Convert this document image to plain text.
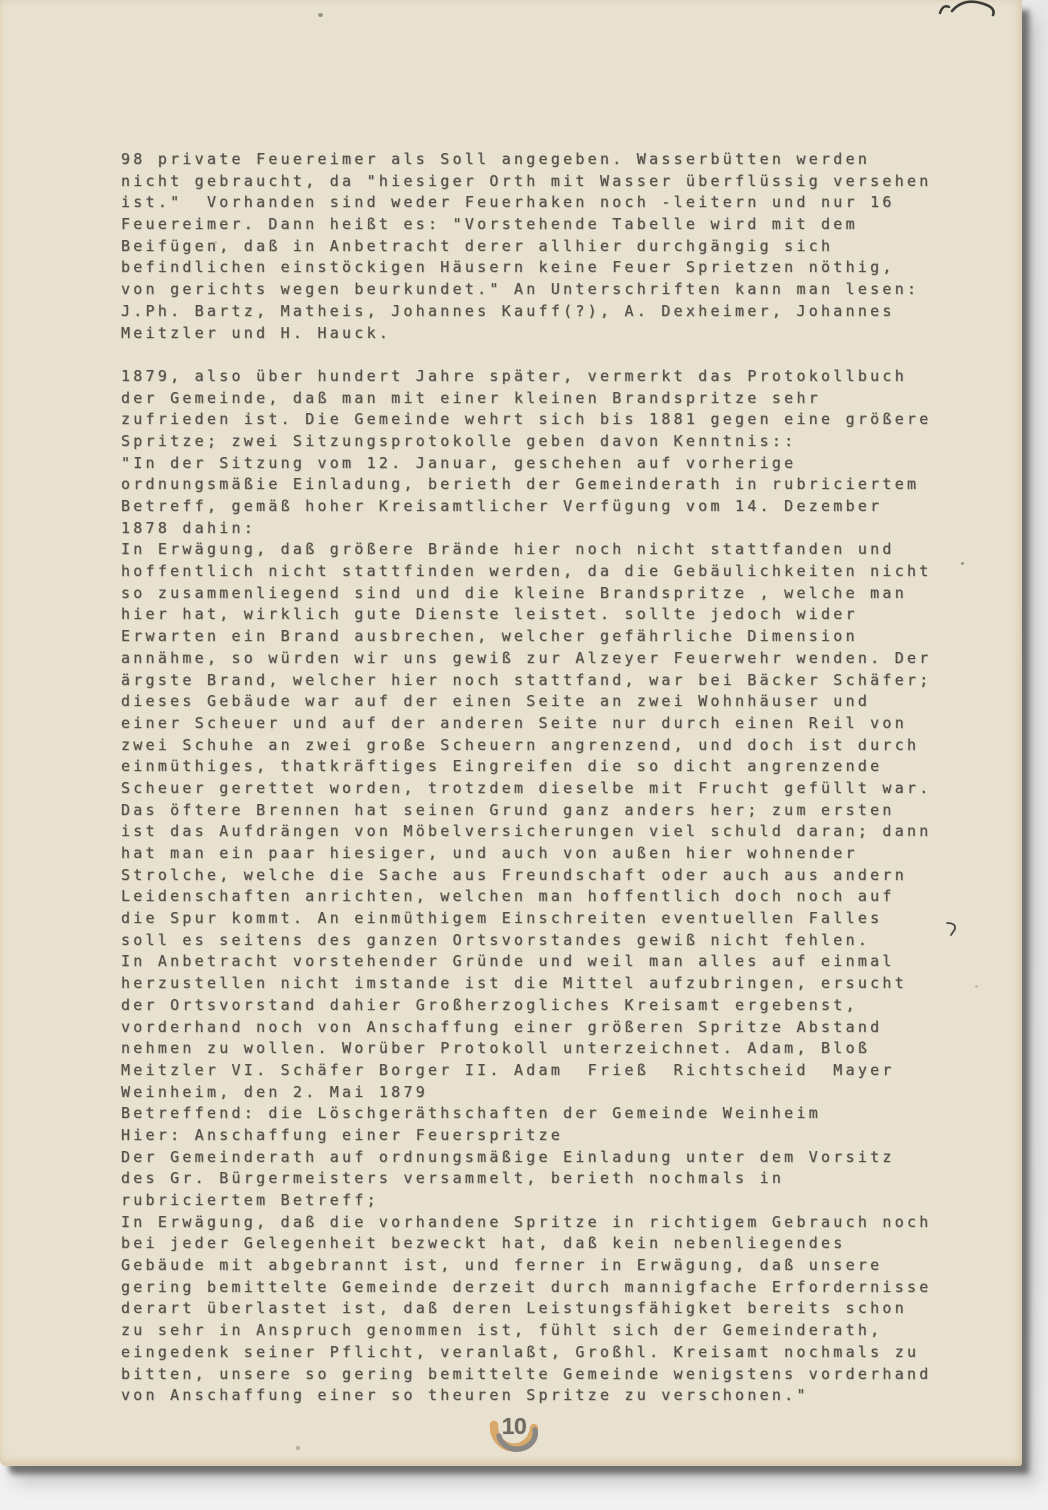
98 private Feuereimer als Soll angegeben. Wasserbütten werden
nicht gebraucht, da "hiesiger Orth mit Wasser überflüssig versehen
ist."  Vorhanden sind weder Feuerhaken noch -leitern und nur 16
Feuereimer. Dann heißt es: "Vorstehende Tabelle wird mit dem
Beifügen, daß in Anbetracht derer allhier durchgängig sich
befindlichen einstöckigen Häusern keine Feuer Sprietzen nöthig,
von gerichts wegen beurkundet." An Unterschriften kann man lesen:
J.Ph. Bartz, Matheis, Johannes Kauff(?), A. Dexheimer, Johannes
Meitzler und H. Hauck.
1879, also über hundert Jahre später, vermerkt das Protokollbuch
der Gemeinde, daß man mit einer kleinen Brandspritze sehr
zufrieden ist. Die Gemeinde wehrt sich bis 1881 gegen eine größere
Spritze; zwei Sitzungsprotokolle geben davon Kenntnis::
"In der Sitzung vom 12. Januar, geschehen auf vorherige
ordnungsmäßie Einladung, berieth der Gemeinderath in rubriciertem
Betreff, gemäß hoher Kreisamtlicher Verfügung vom 14. Dezember
1878 dahin:
In Erwägung, daß größere Brände hier noch nicht stattfanden und
hoffentlich nicht stattfinden werden, da die Gebäulichkeiten nicht
so zusammenliegend sind und die kleine Brandspritze , welche man
hier hat, wirklich gute Dienste leistet. sollte jedoch wider
Erwarten ein Brand ausbrechen, welcher gefährliche Dimension
annähme, so würden wir uns gewiß zur Alzeyer Feuerwehr wenden. Der
ärgste Brand, welcher hier noch stattfand, war bei Bäcker Schäfer;
dieses Gebäude war auf der einen Seite an zwei Wohnhäuser und
einer Scheuer und auf der anderen Seite nur durch einen Reil von
zwei Schuhe an zwei große Scheuern angrenzend, und doch ist durch
einmüthiges, thatkräftiges Eingreifen die so dicht angrenzende
Scheuer gerettet worden, trotzdem dieselbe mit Frucht gefüllt war.
Das öftere Brennen hat seinen Grund ganz anders her; zum ersten
ist das Aufdrängen von Möbelversicherungen viel schuld daran; dann
hat man ein paar hiesiger, und auch von außen hier wohnender
Strolche, welche die Sache aus Freundschaft oder auch aus andern
Leidenschaften anrichten, welchen man hoffentlich doch noch auf
die Spur kommt. An einmüthigem Einschreiten eventuellen Falles
soll es seitens des ganzen Ortsvorstandes gewiß nicht fehlen.
In Anbetracht vorstehender Gründe und weil man alles auf einmal
herzustellen nicht imstande ist die Mittel aufzubringen, ersucht
der Ortsvorstand dahier Großherzogliches Kreisamt ergebenst,
vorderhand noch von Anschaffung einer größeren Spritze Abstand
nehmen zu wollen. Worüber Protokoll unterzeichnet. Adam, Bloß
Meitzler VI. Schäfer Borger II. Adam  Frieß  Richtscheid  Mayer
Weinheim, den 2. Mai 1879
Betreffend: die Löschgeräthschaften der Gemeinde Weinheim
Hier: Anschaffung einer Feuerspritze
Der Gemeinderath auf ordnungsmäßige Einladung unter dem Vorsitz
des Gr. Bürgermeisters versammelt, berieth nochmals in
rubriciertem Betreff;
In Erwägung, daß die vorhandene Spritze in richtigem Gebrauch noch
bei jeder Gelegenheit bezweckt hat, daß kein nebenliegendes
Gebäude mit abgebrannt ist, und ferner in Erwägung, daß unsere
gering bemittelte Gemeinde derzeit durch mannigfache Erfordernisse
derart überlastet ist, daß deren Leistungsfähigket bereits schon
zu sehr in Anspruch genommen ist, fühlt sich der Gemeinderath,
eingedenk seiner Pflicht, veranlaßt, Großhl. Kreisamt nochmals zu
bitten, unsere so gering bemittelte Gemeinde wenigstens vorderhand
von Anschaffung einer so theuren Spritze zu verschonen."
10
